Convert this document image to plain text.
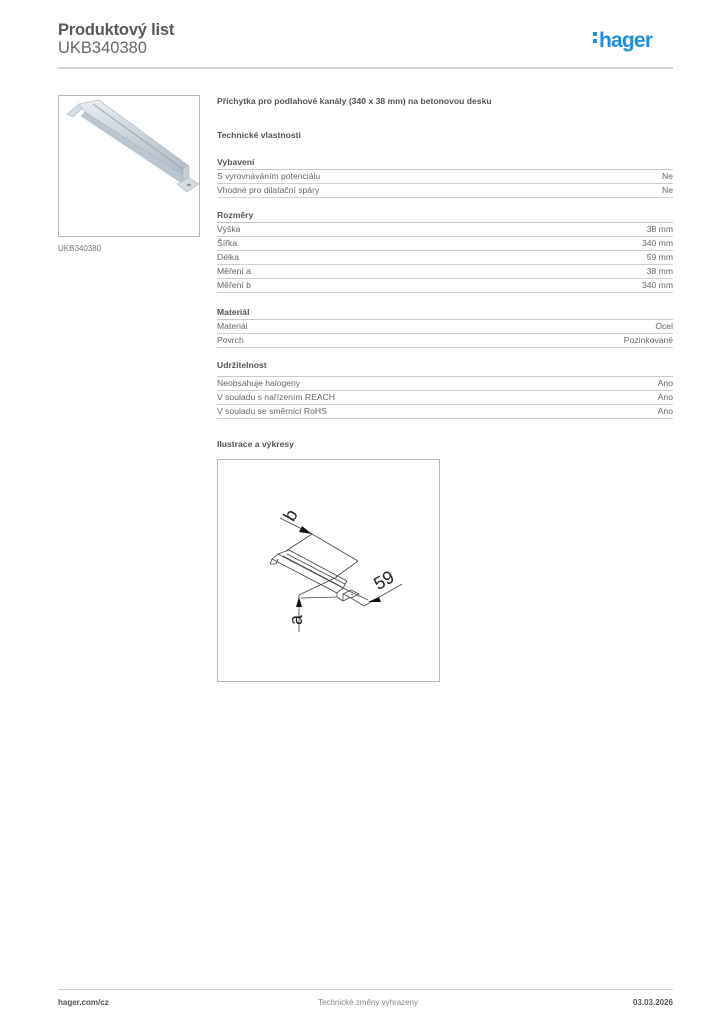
Produktový list
UKB340380	hager
UKB340380
Příchytka pro podlahové kanály (340 x 38 mm) na betonovou desku
Technické vlastnosti
Vybavení
S vyrovnáváním potenciálu	Ne
Vhodné pro dilatační spáry	Ne
Rozměry
Výška	38 mm
Šířka	340 mm
Délka	59 mm
Měření a	38 mm
Měření b	340 mm
Materiál
Materiál	Ocel
Povrch	Pozinkované
Udržitelnost
Neobsahuje halogeny	Ano
V souladu s nařízením REACH	Ano
V souladu se směrnicí RoHS	Ano
Ilustrace a výkresy
b
59
a
hager.com/cz	Technické změny vyhrazeny	03.03.2026
